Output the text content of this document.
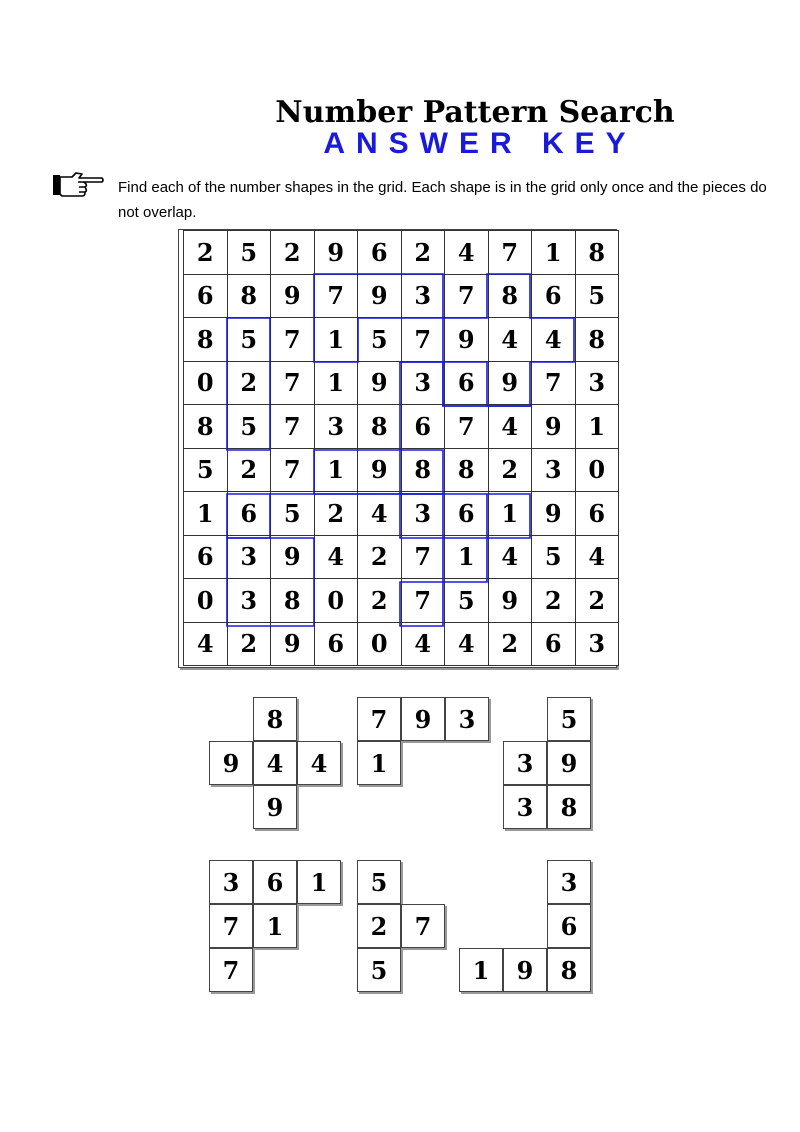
Number Pattern Search
ANSWER KEY
Find each of the number shapes in the grid. Each shape is in the grid only once and the pieces do not overlap.
2	5	2	9	6	2	4	7	1	8
6	8	9	7	9	3	7	8	6	5
8	5	7	1	5	7	9	4	4	8
0	2	7	1	9	3	6	9	7	3
8	5	7	3	8	6	7	4	9	1
5	2	7	1	9	8	8	2	3	0
1	6	5	2	4	3	6	1	9	6
6	3	9	4	2	7	1	4	5	4
0	3	8	0	2	7	5	9	2	2
4	2	9	6	0	4	4	2	6	3
8
9	4	4
9
7	9	3
1
5
3	9
3	8
3	6	1
7	1
7
5
2	7
5
3
6
1	9	8
